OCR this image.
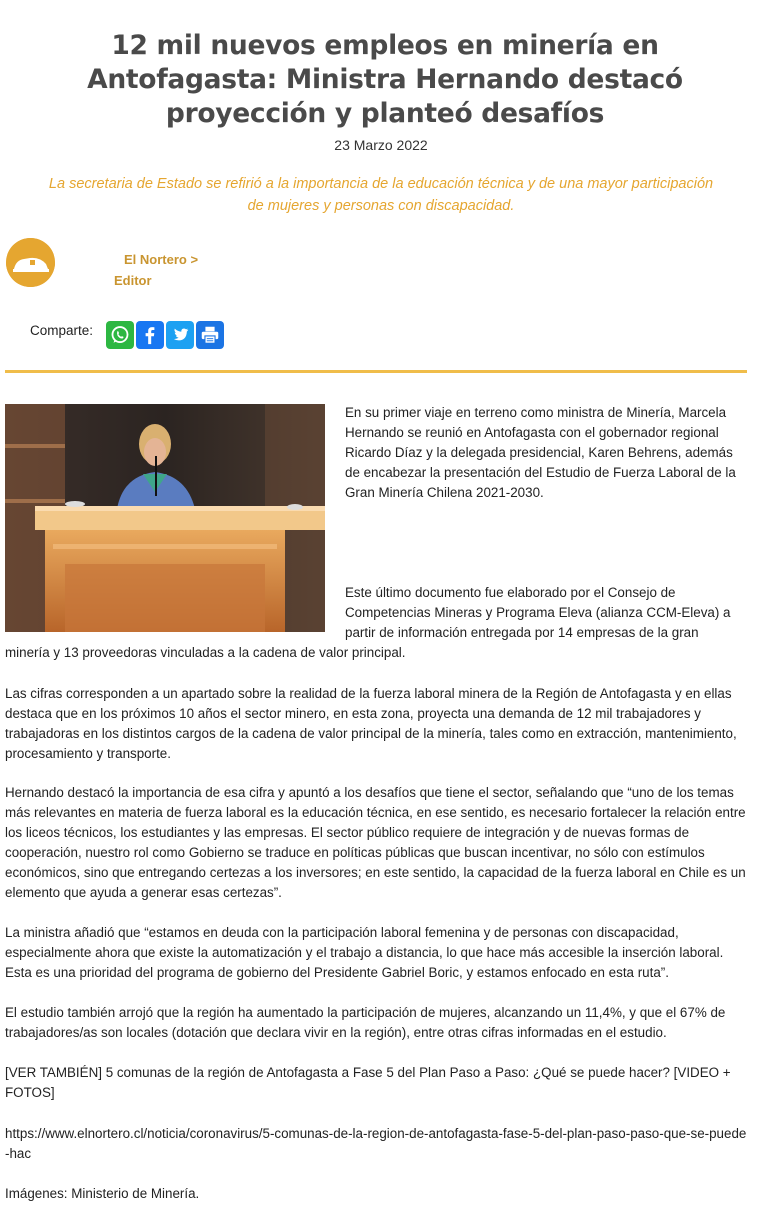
12 mil nuevos empleos en minería en Antofagasta: Ministra Hernando destacó proyección y planteó desafíos
23 Marzo 2022
La secretaria de Estado se refirió a la importancia de la educación técnica y de una mayor participación de mujeres y personas con discapacidad.
El Nortero >
Editor
Comparte:

En su primer viaje en terreno como ministra de Minería, Marcela Hernando se reunió en Antofagasta con el gobernador regional Ricardo Díaz y la delegada presidencial, Karen Behrens, además de encabezar la presentación del Estudio de Fuerza Laboral de la Gran Minería Chilena 2021-2030.

Este último documento fue elaborado por el Consejo de Competencias Mineras y Programa Eleva (alianza CCM-Eleva) a partir de información entregada por 14 empresas de la gran

minería y 13 proveedoras vinculadas a la cadena de valor principal.

Las cifras corresponden a un apartado sobre la realidad de la fuerza laboral minera de la Región de Antofagasta y en ellas destaca que en los próximos 10 años el sector minero, en esta zona, proyecta una demanda de 12 mil trabajadores y trabajadoras en los distintos cargos de la cadena de valor principal de la minería, tales como en extracción, mantenimiento, procesamiento y transporte.

Hernando destacó la importancia de esa cifra y apuntó a los desafíos que tiene el sector, señalando que “uno de los temas más relevantes en materia de fuerza laboral es la educación técnica, en ese sentido, es necesario fortalecer la relación entre los liceos técnicos, los estudiantes y las empresas. El sector público requiere de integración y de nuevas formas de cooperación, nuestro rol como Gobierno se traduce en políticas públicas que buscan incentivar, no sólo con estímulos económicos, sino que entregando certezas a los inversores; en este sentido, la capacidad de la fuerza laboral en Chile es un elemento que ayuda a generar esas certezas”.

La ministra añadió que “estamos en deuda con la participación laboral femenina y de personas con discapacidad, especialmente ahora que existe la automatización y el trabajo a distancia, lo que hace más accesible la inserción laboral. Esta es una prioridad del programa de gobierno del Presidente Gabriel Boric, y estamos enfocado en esta ruta”.

El estudio también arrojó que la región ha aumentado la participación de mujeres, alcanzando un 11,4%, y que el 67% de trabajadores/as son locales (dotación que declara vivir en la región), entre otras cifras informadas en el estudio.

[VER TAMBIÉN] 5 comunas de la región de Antofagasta a Fase 5 del Plan Paso a Paso: ¿Qué se puede hacer? [VIDEO + FOTOS]

https://www.elnortero.cl/noticia/coronavirus/5-comunas-de-la-region-de-antofagasta-fase-5-del-plan-paso-paso-que-se-puede-hac

Imágenes: Ministerio de Minería.
